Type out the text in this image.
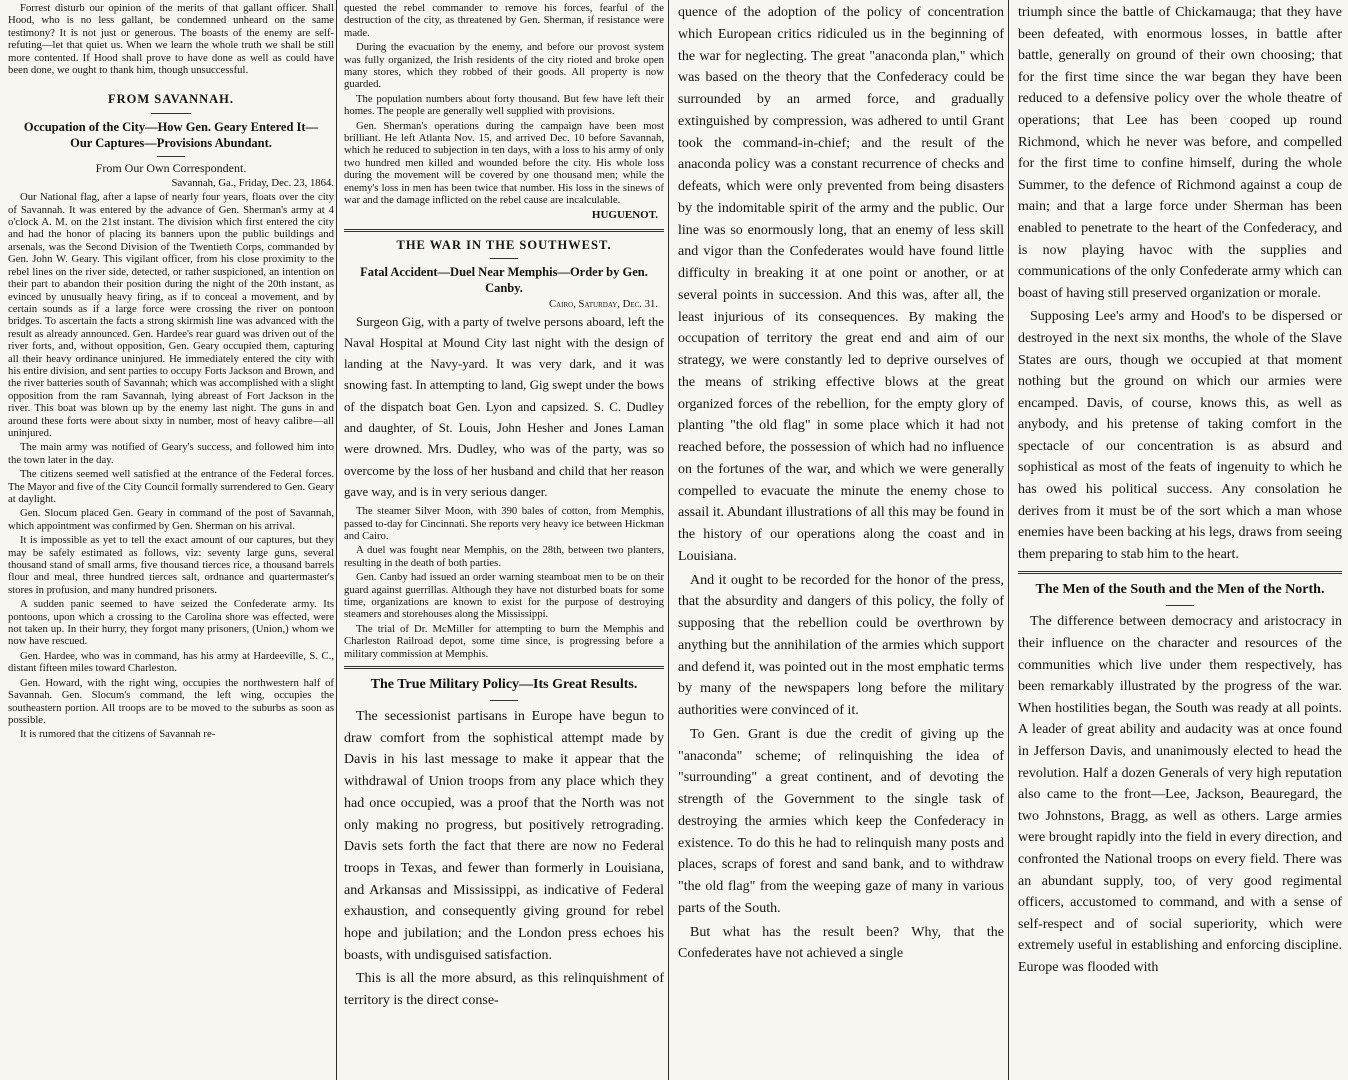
Forrest disturb our opinion of the merits of that gallant officer. Shall Hood, who is no less gallant, be condemned unheard on the same testimony? It is not just or generous. The boasts of the enemy are self-refuting—let that quiet us. When we learn the whole truth we shall be still more contented. If Hood shall prove to have done as well as could have been done, we ought to thank him, though unsuccessful.

FROM SAVANNAH.
Occupation of the City—How Gen. Geary Entered It—Our Captures—Provisions Abundant.

From Our Own Correspondent.

Savannah, Ga., Friday, Dec. 23, 1864.

Our National flag, after a lapse of nearly four years, floats over the city of Savannah. It was entered by the advance of Gen. Sherman's army at 4 o'clock A. M. on the 21st instant. The division which first entered the city and had the honor of placing its banners upon the public buildings and arsenals, was the Second Division of the Twentieth Corps, commanded by Gen. John W. Geary. This vigilant officer, from his close proximity to the rebel lines on the river side, detected, or rather suspicioned, an intention on their part to abandon their position during the night of the 20th instant, as evinced by unusually heavy firing, as if to conceal a movement, and by certain sounds as if a large force were crossing the river on pontoon bridges. To ascertain the facts a strong skirmish line was advanced with the result as already announced. Gen. Hardee's rear guard was driven out of the river forts, and, without opposition, Gen. Geary occupied them, capturing all their heavy ordinance uninjured. He immediately entered the city with his entire division, and sent parties to occupy Forts Jackson and Brown, and the river batteries south of Savannah; which was accomplished with a slight opposition from the ram Savannah, lying abreast of Fort Jackson in the river. This boat was blown up by the enemy last night. The guns in and around these forts were about sixty in number, most of heavy calibre—all uninjured.

The main army was notified of Geary's success, and followed him into the town later in the day.

The citizens seemed well satisfied at the entrance of the Federal forces. The Mayor and five of the City Council formally surrendered to Gen. Geary at daylight.

Gen. Slocum placed Gen. Geary in command of the post of Savannah, which appointment was confirmed by Gen. Sherman on his arrival.

It is impossible as yet to tell the exact amount of our captures, but they may be safely estimated as follows, viz: seventy large guns, several thousand stand of small arms, five thousand tierces rice, a thousand barrels flour and meal, three hundred tierces salt, ordnance and quartermaster's stores in profusion, and many hundred prisoners.

A sudden panic seemed to have seized the Confederate army. Its pontoons, upon which a crossing to the Carolina shore was effected, were not taken up. In their hurry, they forgot many prisoners, (Union,) whom we now have rescued.

Gen. Hardee, who was in command, has his army at Hardeeville, S. C., distant fifteen miles toward Charleston.

Gen. Howard, with the right wing, occupies the northwestern half of Savannah. Gen. Slocum's command, the left wing, occupies the southeastern portion. All troops are to be moved to the suburbs as soon as possible.

It is rumored that the citizens of Savannah re-

quested the rebel commander to remove his forces, fearful of the destruction of the city, as threatened by Gen. Sherman, if resistance were made.

During the evacuation by the enemy, and before our provost system was fully organized, the Irish residents of the city rioted and broke open many stores, which they robbed of their goods. All property is now guarded.

The population numbers about forty thousand. But few have left their homes. The people are generally well supplied with provisions.

Gen. Sherman's operations during the campaign have been most brilliant. He left Atlanta Nov. 15, and arrived Dec. 10 before Savannah, which he reduced to subjection in ten days, with a loss to his army of only two hundred men killed and wounded before the city. His whole loss during the movement will be covered by one thousand men; while the enemy's loss in men has been twice that number. His loss in the sinews of war and the damage inflicted on the rebel cause are incalculable.

HUGUENOT.
THE WAR IN THE SOUTHWEST.
Fatal Accident—Duel Near Memphis—Order by Gen. Canby.

Cairo, Saturday, Dec. 31.

Surgeon Gig, with a party of twelve persons aboard, left the Naval Hospital at Mound City last night with the design of landing at the Navy-yard. It was very dark, and it was snowing fast. In attempting to land, Gig swept under the bows of the dispatch boat Gen. Lyon and capsized. S. C. Dudley and daughter, of St. Louis, John Hesher and Jones Laman were drowned. Mrs. Dudley, who was of the party, was so overcome by the loss of her husband and child that her reason gave way, and is in very serious danger.

The steamer Silver Moon, with 390 bales of cotton, from Memphis, passed to-day for Cincinnati. She reports very heavy ice between Hickman and Cairo.

A duel was fought near Memphis, on the 28th, between two planters, resulting in the death of both parties.

Gen. Canby had issued an order warning steamboat men to be on their guard against guerrillas. Although they have not disturbed boats for some time, organizations are known to exist for the purpose of destroying steamers and storehouses along the Mississippi.

The trial of Dr. McMiller for attempting to burn the Memphis and Charleston Railroad depot, some time since, is progressing before a military commission at Memphis.

The True Military Policy—Its Great Results.

The secessionist partisans in Europe have begun to draw comfort from the sophistical attempt made by Davis in his last message to make it appear that the withdrawal of Union troops from any place which they had once occupied, was a proof that the North was not only making no progress, but positively retrograding. Davis sets forth the fact that there are now no Federal troops in Texas, and fewer than formerly in Louisiana, and Arkansas and Mississippi, as indicative of Federal exhaustion, and consequently giving ground for rebel hope and jubilation; and the London press echoes his boasts, with undisguised satisfaction.

This is all the more absurd, as this relinquishment of territory is the direct conse-

quence of the adoption of the policy of concentration which European critics ridiculed us in the beginning of the war for neglecting. The great "anaconda plan," which was based on the theory that the Confederacy could be surrounded by an armed force, and gradually extinguished by compression, was adhered to until Grant took the command-in-chief; and the result of the anaconda policy was a constant recurrence of checks and defeats, which were only prevented from being disasters by the indomitable spirit of the army and the public. Our line was so enormously long, that an enemy of less skill and vigor than the Confederates would have found little difficulty in breaking it at one point or another, or at several points in succession. And this was, after all, the least injurious of its consequences. By making the occupation of territory the great end and aim of our strategy, we were constantly led to deprive ourselves of the means of striking effective blows at the great organized forces of the rebellion, for the empty glory of planting "the old flag" in some place which it had not reached before, the possession of which had no influence on the fortunes of the war, and which we were generally compelled to evacuate the minute the enemy chose to assail it. Abundant illustrations of all this may be found in the history of our operations along the coast and in Louisiana.

And it ought to be recorded for the honor of the press, that the absurdity and dangers of this policy, the folly of supposing that the rebellion could be overthrown by anything but the annihilation of the armies which support and defend it, was pointed out in the most emphatic terms by many of the newspapers long before the military authorities were convinced of it.

To Gen. Grant is due the credit of giving up the "anaconda" scheme; of relinquishing the idea of "surrounding" a great continent, and of devoting the strength of the Government to the single task of destroying the armies which keep the Confederacy in existence. To do this he had to relinquish many posts and places, scraps of forest and sand bank, and to withdraw "the old flag" from the weeping gaze of many in various parts of the South.

But what has the result been? Why, that the Confederates have not achieved a single

triumph since the battle of Chickamauga; that they have been defeated, with enormous losses, in battle after battle, generally on ground of their own choosing; that for the first time since the war began they have been reduced to a defensive policy over the whole theatre of operations; that Lee has been cooped up round Richmond, which he never was before, and compelled for the first time to confine himself, during the whole Summer, to the defence of Richmond against a coup de main; and that a large force under Sherman has been enabled to penetrate to the heart of the Confederacy, and is now playing havoc with the supplies and communications of the only Confederate army which can boast of having still preserved organization or morale.

Supposing Lee's army and Hood's to be dispersed or destroyed in the next six months, the whole of the Slave States are ours, though we occupied at that moment nothing but the ground on which our armies were encamped. Davis, of course, knows this, as well as anybody, and his pretense of taking comfort in the spectacle of our concentration is as absurd and sophistical as most of the feats of ingenuity to which he has owed his political success. Any consolation he derives from it must be of the sort which a man whose enemies have been backing at his legs, draws from seeing them preparing to stab him to the heart.

The Men of the South and the Men of the North.

The difference between democracy and aristocracy in their influence on the character and resources of the communities which live under them respectively, has been remarkably illustrated by the progress of the war. When hostilities began, the South was ready at all points. A leader of great ability and audacity was at once found in Jefferson Davis, and unanimously elected to head the revolution. Half a dozen Generals of very high reputation also came to the front—Lee, Jackson, Beauregard, the two Johnstons, Bragg, as well as others. Large armies were brought rapidly into the field in every direction, and confronted the National troops on every field. There was an abundant supply, too, of very good regimental officers, accustomed to command, and with a sense of self-respect and of social superiority, which were extremely useful in establishing and enforcing discipline. Europe was flooded with
